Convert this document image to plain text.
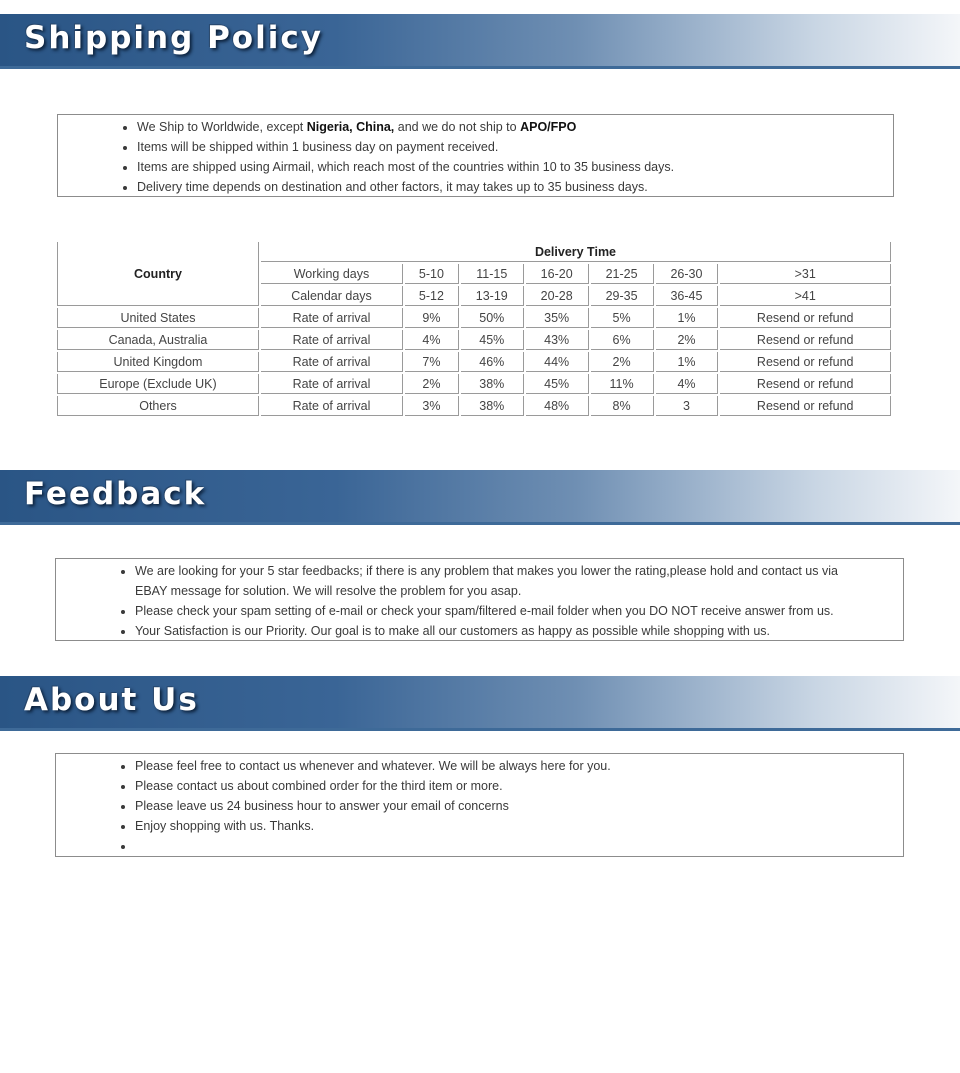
Shipping Policy
• We Ship to Worldwide, except Nigeria, China, and we do not ship to APO/FPO
• Items will be shipped within 1 business day on payment received.
• Items are shipped using Airmail, which reach most of the countries within 10 to 35 business days.
• Delivery time depends on destination and other factors, it may takes up to 35 business days.
Country	Delivery Time						
	Working days	5-10	11-15	16-20	21-25	26-30	>31
	Calendar days	5-12	13-19	20-28	29-35	36-45	>41
United States	Rate of arrival	9%	50%	35%	5%	1%	Resend or refund
Canada, Australia	Rate of arrival	4%	45%	43%	6%	2%	Resend or refund
United Kingdom	Rate of arrival	7%	46%	44%	2%	1%	Resend or refund
Europe (Exclude UK)	Rate of arrival	2%	38%	45%	11%	4%	Resend or refund
Others	Rate of arrival	3%	38%	48%	8%	3	Resend or refund
Feedback
• We are looking for your 5 star feedbacks; if there is any problem that makes you lower the rating,please hold and contact us via EBAY message for solution. We will resolve the problem for you asap.
• Please check your spam setting of e-mail or check your spam/filtered e-mail folder when you DO NOT receive answer from us.
• Your Satisfaction is our Priority. Our goal is to make all our customers as happy as possible while shopping with us.
About Us
• Please feel free to contact us whenever and whatever. We will be always here for you.
• Please contact us about combined order for the third item or more.
• Please leave us 24 business hour to answer your email of concerns
• Enjoy shopping with us. Thanks.
•
